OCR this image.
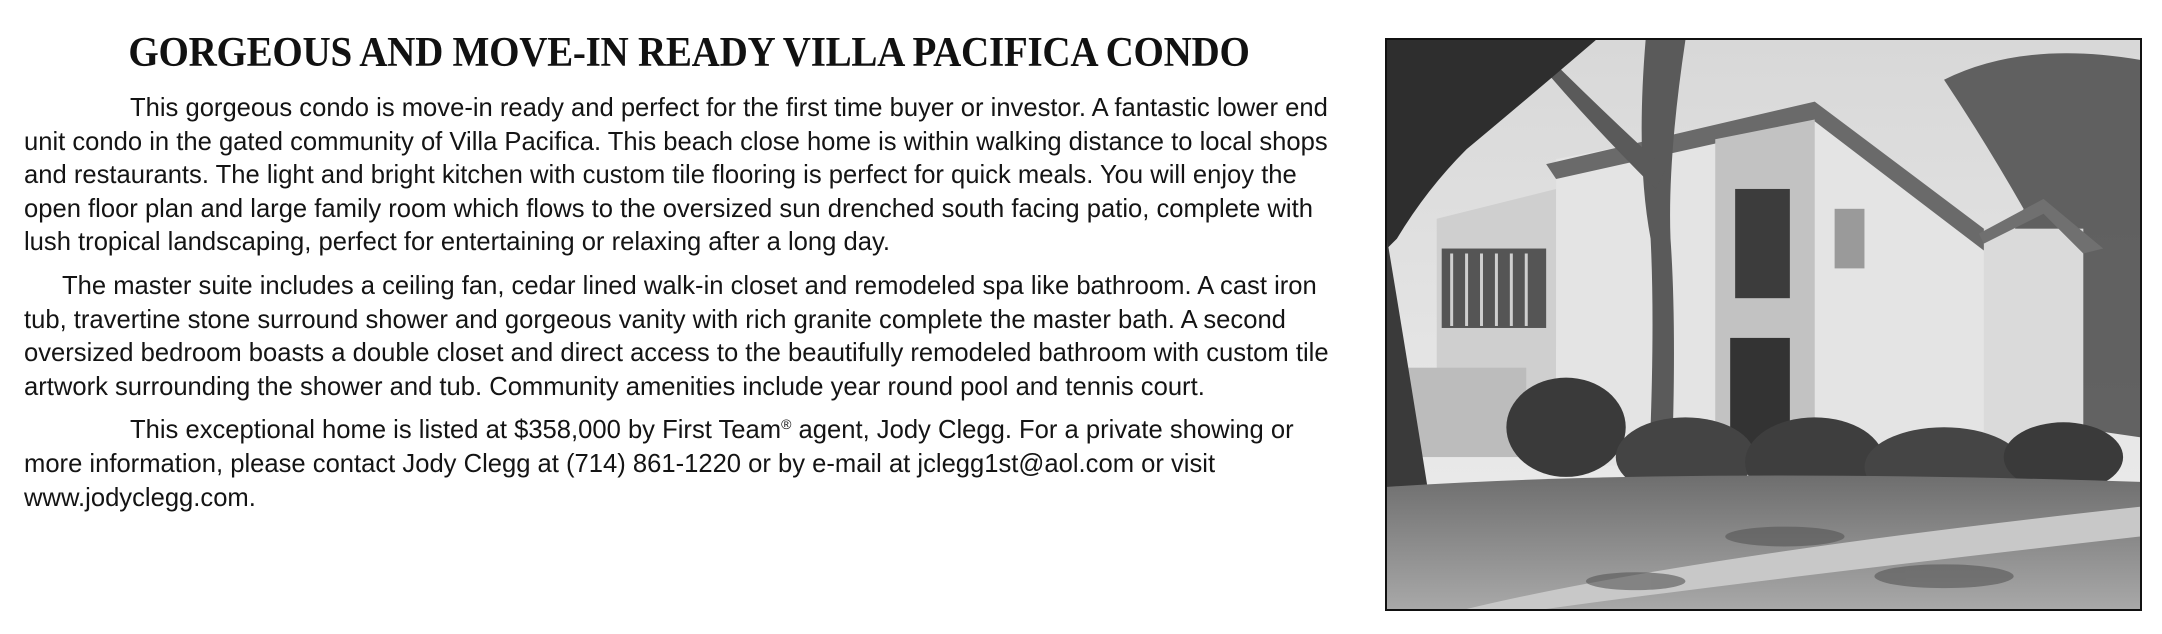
GORGEOUS AND MOVE-IN READY VILLA PACIFICA CONDO

This gorgeous condo is move-in ready and perfect for the first time buyer or investor. A fantastic lower end unit condo in the gated community of Villa Pacifica. This beach close home is within walking distance to local shops and restaurants. The light and bright kitchen with custom tile flooring is perfect for quick meals. You will enjoy the open floor plan and large family room which flows to the oversized sun drenched south facing patio, complete with lush tropical landscaping, perfect for entertaining or relaxing after a long day.

The master suite includes a ceiling fan, cedar lined walk-in closet and remodeled spa like bathroom. A cast iron tub, travertine stone surround shower and gorgeous vanity with rich granite complete the master bath. A second oversized bedroom boasts a double closet and direct access to the beautifully remodeled bathroom with custom tile artwork surrounding the shower and tub. Community amenities include year round pool and tennis court.

This exceptional home is listed at $358,000 by First Team® agent, Jody Clegg. For a private showing or more information, please contact Jody Clegg at (714) 861-1220 or by e-mail at jclegg1st@aol.com or visit www.jodyclegg.com.
